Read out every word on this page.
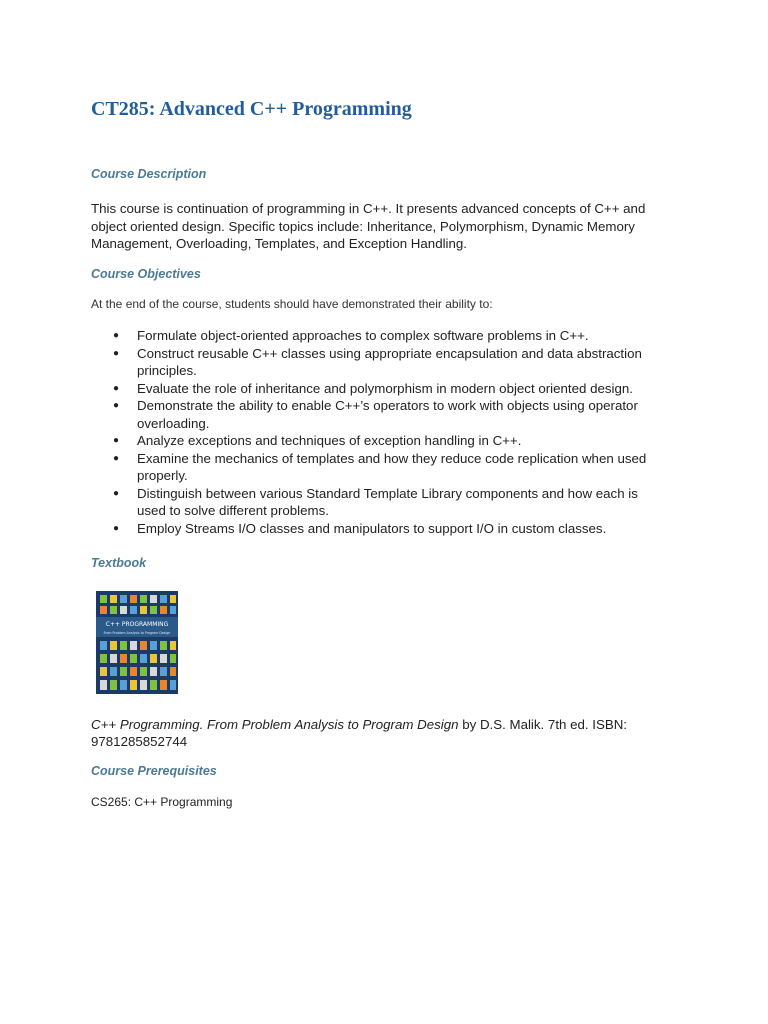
CT285: Advanced C++ Programming
Course Description

This course is continuation of programming in C++. It presents advanced concepts of C++ and
object oriented design. Specific topics include: Inheritance, Polymorphism, Dynamic Memory
Management, Overloading, Templates, and Exception Handling.

Course Objectives

At the end of the course, students should have demonstrated their ability to:

● Formulate object-oriented approaches to complex software problems in C++.
● Construct reusable C++ classes using appropriate encapsulation and data abstraction
principles.
● Evaluate the role of inheritance and polymorphism in modern object oriented design.
● Demonstrate the ability to enable C++’s operators to work with objects using operator
overloading.
● Analyze exceptions and techniques of exception handling in C++.
● Examine the mechanics of templates and how they reduce code replication when used
properly.
● Distinguish between various Standard Template Library components and how each is
used to solve different problems.
● Employ Streams I/O classes and manipulators to support I/O in custom classes.
Textbook
C++ PROGRAMMING
From Problem Analysis to Program Design

C++ Programming. From Problem Analysis to Program Design by D.S. Malik. 7th ed. ISBN:

9781285852744

Course Prerequisites

CS265: C++ Programming
